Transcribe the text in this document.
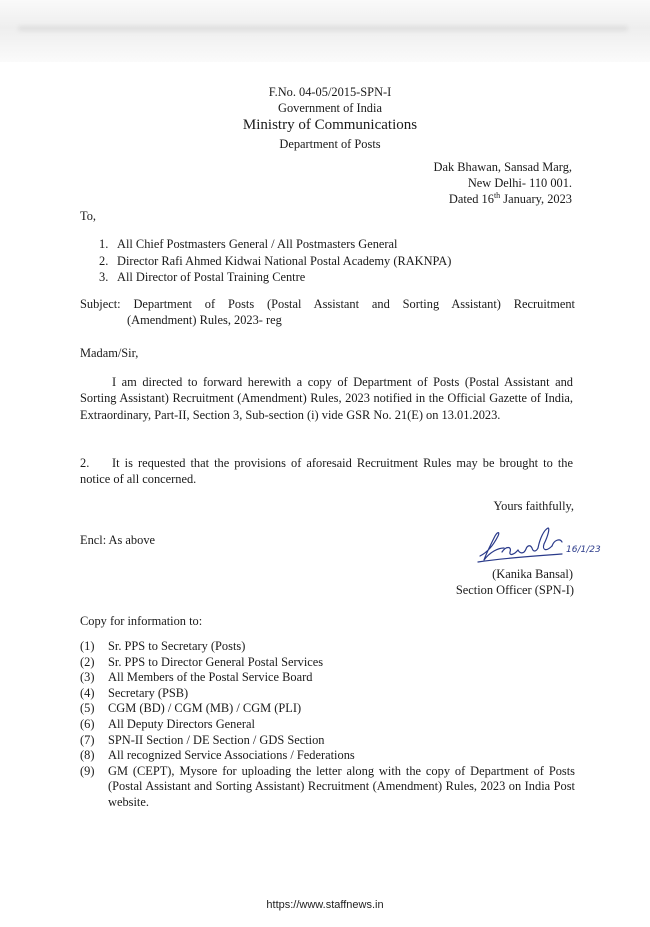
F.No. 04-05/2015-SPN-I
Government of India
Ministry of Communications
Department of Posts
Dak Bhawan, Sansad Marg,
New Delhi- 110 001.
Dated 16th January, 2023
To,
1. All Chief Postmasters General / All Postmasters General
2. Director Rafi Ahmed Kidwai National Postal Academy (RAKNPA)
3. All Director of Postal Training Centre
Subject: Department of Posts (Postal Assistant and Sorting Assistant) Recruitment
(Amendment) Rules, 2023- reg
Madam/Sir,
I am directed to forward herewith a copy of Department of Posts (Postal Assistant and Sorting Assistant) Recruitment (Amendment) Rules, 2023 notified in the Official Gazette of India, Extraordinary, Part-II, Section 3, Sub-section (i) vide GSR No. 21(E) on 13.01.2023.
2. It is requested that the provisions of aforesaid Recruitment Rules may be brought to the notice of all concerned.
Yours faithfully,
Encl: As above
16/1/23
(Kanika Bansal)
Section Officer (SPN-I)
Copy for information to:
(1)	Sr. PPS to Secretary (Posts)
(2)	Sr. PPS to Director General Postal Services
(3)	All Members of the Postal Service Board
(4)	Secretary (PSB)
(5)	CGM (BD) / CGM (MB) / CGM (PLI)
(6)	All Deputy Directors General
(7)	SPN-II Section / DE Section / GDS Section
(8)	All recognized Service Associations / Federations
(9)	GM (CEPT), Mysore for uploading the letter along with the copy of Department of Posts (Postal Assistant and Sorting Assistant) Recruitment (Amendment) Rules, 2023 on India Post website.
https://www.staffnews.in
